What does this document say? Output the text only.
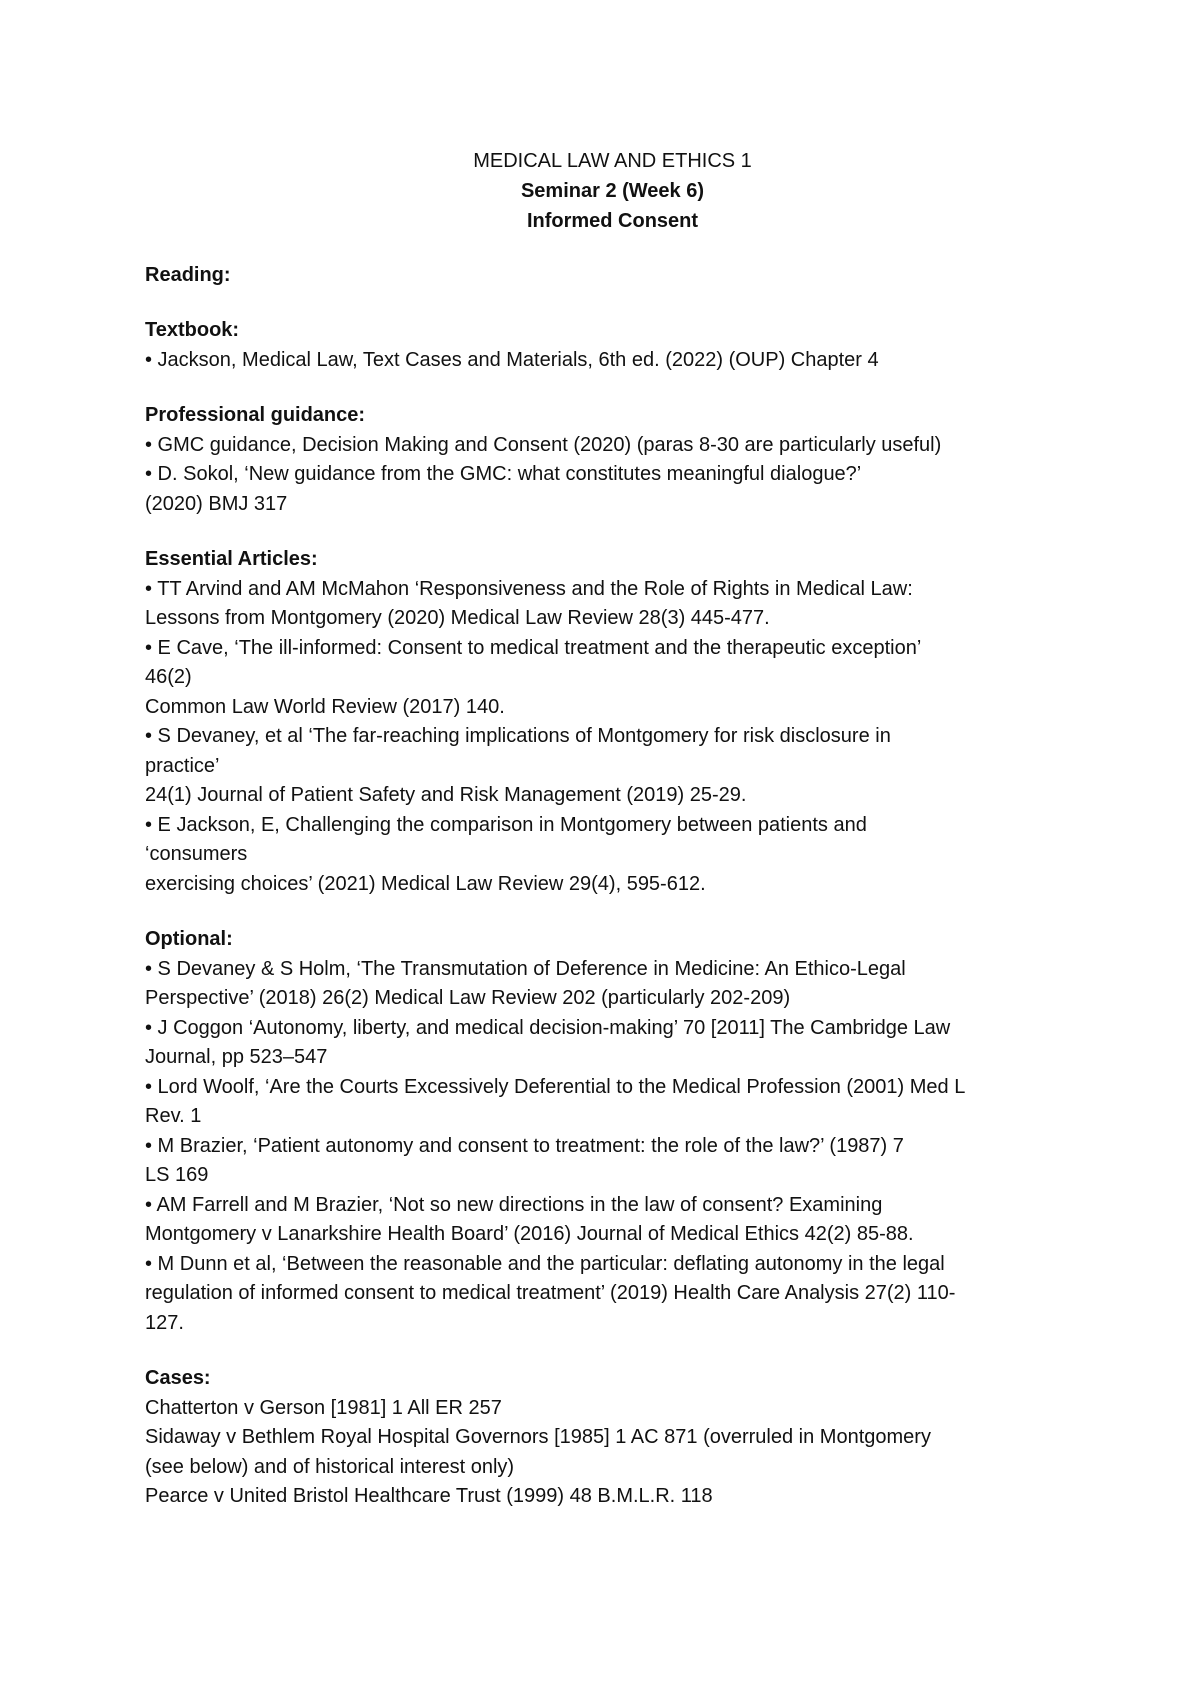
MEDICAL LAW AND ETHICS 1
Seminar 2 (Week 6)
Informed Consent
Reading:
Textbook:
• Jackson, Medical Law, Text Cases and Materials, 6th ed. (2022) (OUP) Chapter 4
Professional guidance:
• GMC guidance, Decision Making and Consent (2020) (paras 8-30 are particularly useful)
• D. Sokol, ‘New guidance from the GMC: what constitutes meaningful dialogue?’
(2020) BMJ 317
Essential Articles:
• TT Arvind and AM McMahon ‘Responsiveness and the Role of Rights in Medical Law:
Lessons from Montgomery (2020) Medical Law Review 28(3) 445-477.
• E Cave, ‘The ill-informed: Consent to medical treatment and the therapeutic exception’
46(2)
Common Law World Review (2017) 140.
• S Devaney, et al ‘The far-reaching implications of Montgomery for risk disclosure in
practice’
24(1) Journal of Patient Safety and Risk Management (2019) 25-29.
• E Jackson, E, Challenging the comparison in Montgomery between patients and
‘consumers
exercising choices’ (2021) Medical Law Review 29(4), 595-612.
Optional:
• S Devaney & S Holm, ‘The Transmutation of Deference in Medicine: An Ethico-Legal
Perspective’ (2018) 26(2) Medical Law Review 202 (particularly 202-209)
• J Coggon ‘Autonomy, liberty, and medical decision-making’ 70 [2011] The Cambridge Law
Journal, pp 523–547
• Lord Woolf, ‘Are the Courts Excessively Deferential to the Medical Profession (2001) Med L
Rev. 1
• M Brazier, ‘Patient autonomy and consent to treatment: the role of the law?’ (1987) 7
LS 169
• AM Farrell and M Brazier, ‘Not so new directions in the law of consent? Examining
Montgomery v Lanarkshire Health Board’ (2016) Journal of Medical Ethics 42(2) 85-88.
• M Dunn et al, ‘Between the reasonable and the particular: deflating autonomy in the legal
regulation of informed consent to medical treatment’ (2019) Health Care Analysis 27(2) 110-
127.
Cases:
Chatterton v Gerson [1981] 1 All ER 257
Sidaway v Bethlem Royal Hospital Governors [1985] 1 AC 871 (overruled in Montgomery
(see below) and of historical interest only)
Pearce v United Bristol Healthcare Trust (1999) 48 B.M.L.R. 118
